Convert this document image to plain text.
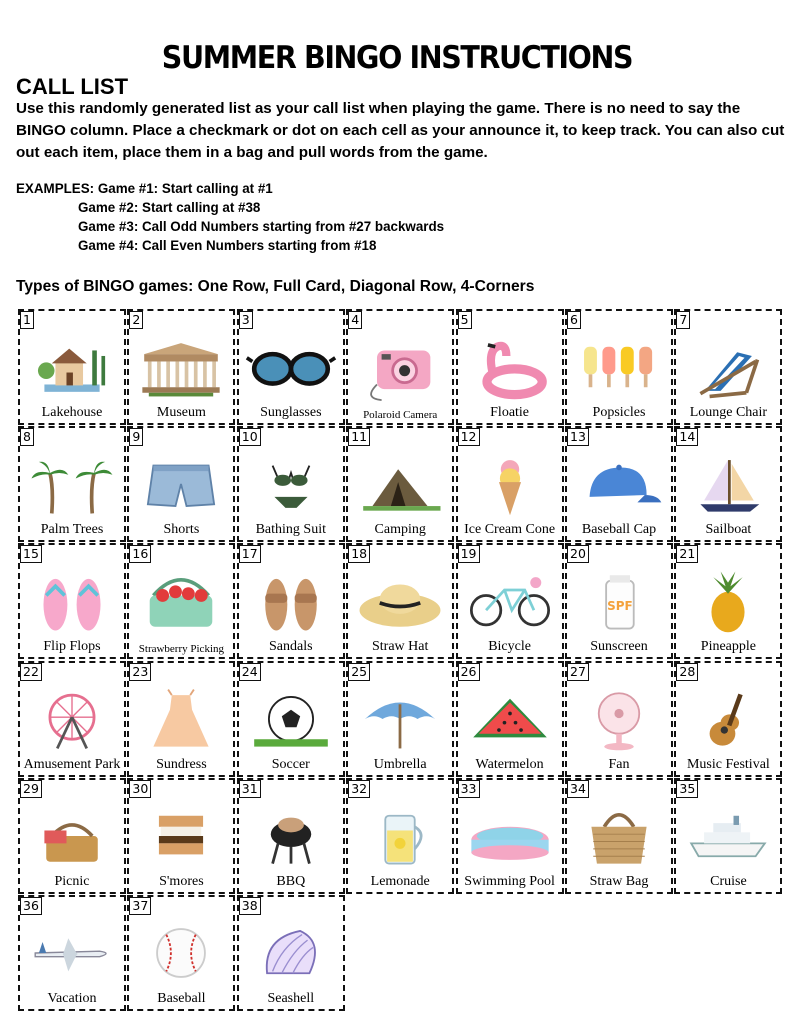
SUMMER BINGO INSTRUCTIONS
CALL LIST
Use this randomly generated list as your call list when playing the game. There is no need to say the BINGO column. Place a checkmark or dot on each cell as your announce it, to keep track. You can also cut out each item, place them in a bag and pull words from the game.
EXAMPLES: Game #1: Start calling at #1
Game #2: Start calling at #38
Game #3: Call Odd Numbers starting from #27 backwards
Game #4: Call Even Numbers starting from #18
Types of BINGO games: One Row, Full Card, Diagonal Row, 4-Corners
1
Lakehouse
2
Museum
3
Sunglasses
4
Polaroid Camera
5
Floatie
6
Popsicles
7
Lounge Chair
8
Palm Trees
9
Shorts
10
Bathing Suit
11
Camping
12
Ice Cream Cone
13
Baseball Cap
14
Sailboat
15
Flip Flops
16
Strawberry Picking
17
Sandals
18
Straw Hat
19
Bicycle
20
SPF
Sunscreen
21
Pineapple
22
Amusement Park
23
Sundress
24
Soccer
25
Umbrella
26
Watermelon
27
Fan
28
Music Festival
29
Picnic
30
S'mores
31
BBQ
32
Lemonade
33
Swimming Pool
34
Straw Bag
35
Cruise
36
Vacation
37
Baseball
38
Seashell
